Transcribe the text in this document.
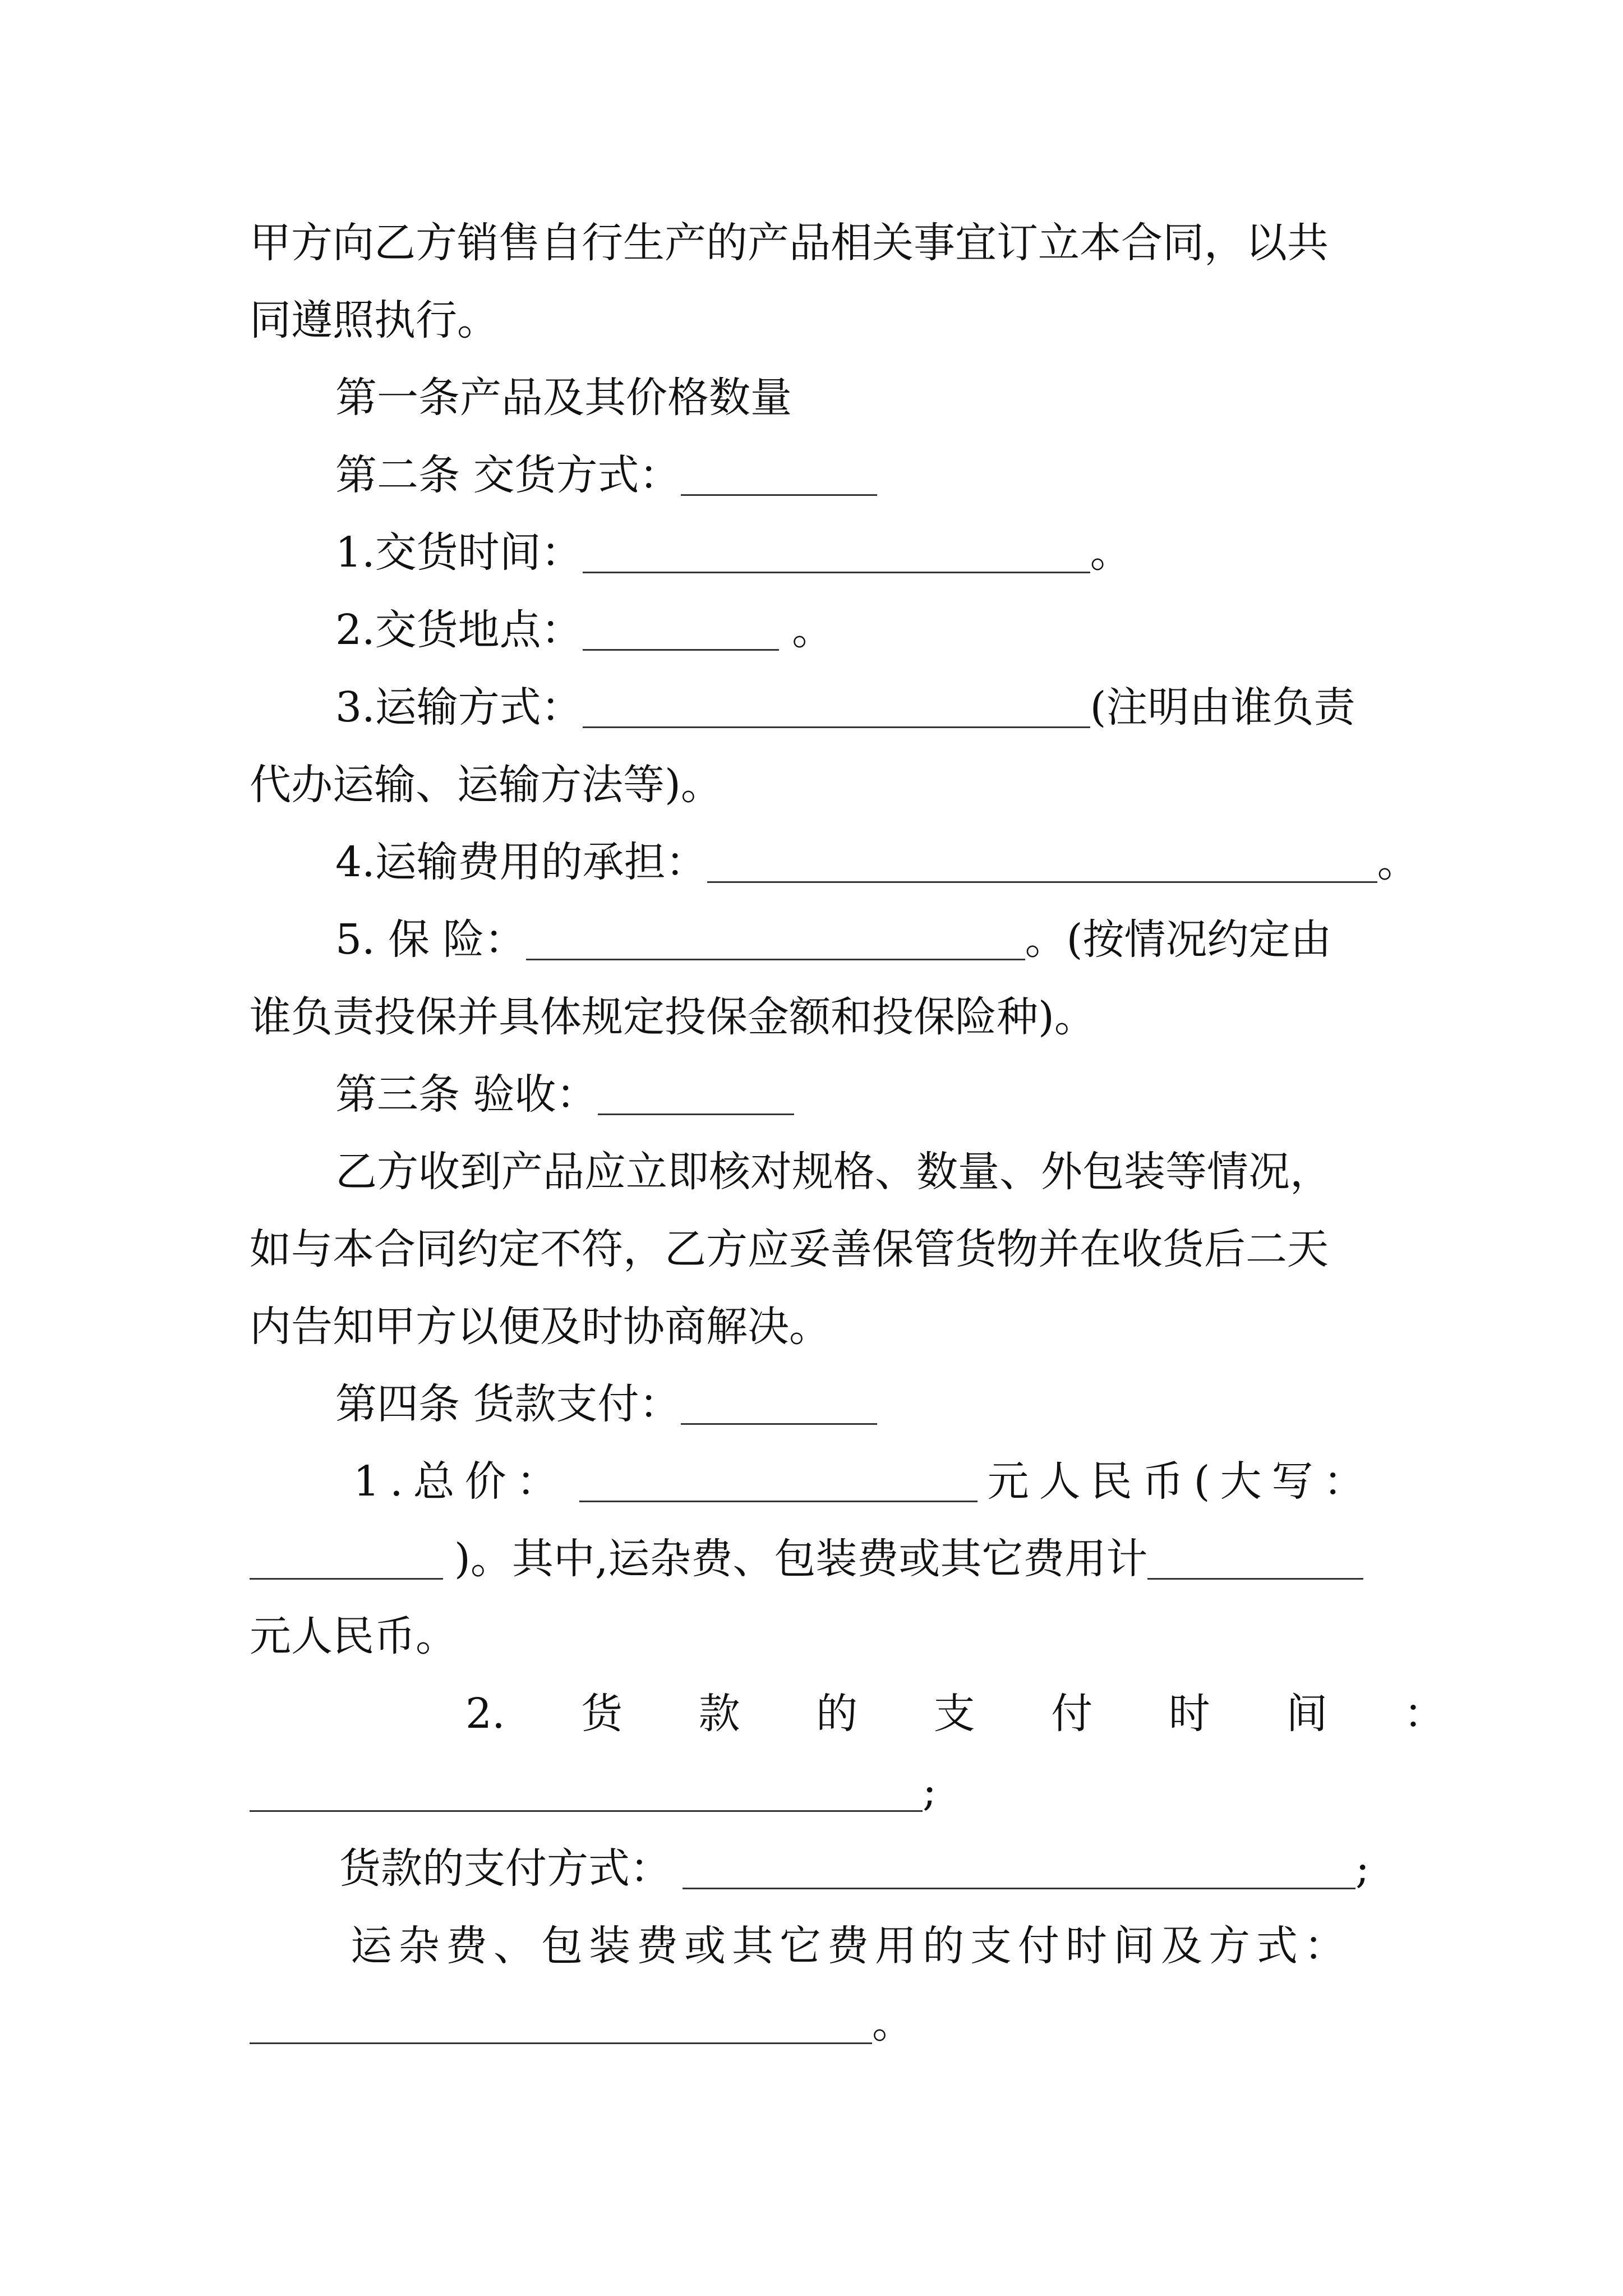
甲方向乙方销售自行生产的产品相关事宜订立本合同，以共
同遵照执行。
第一条产品及其价格数量
第二条 交货方式：
1.交货时间：	。
2.交货地点：	。
3.运输方式：	(注明由谁负责
代办运输、运输方法等)。
4.运输费用的承担：	。
5. 保 险：	。(按情况约定由
谁负责投保并具体规定投保金额和投保险种)。
第三条 验收：
乙方收到产品应立即核对规格、数量、外包装等情况，
如与本合同约定不符，乙方应妥善保管货物并在收货后二天
内告知甲方以便及时协商解决。
第四条 货款支付：
1.总价：	元人民币(大写：
)。其中,运杂费、包装费或其它费用计
元人民币。
2. 货 款 的 支 付 时 间 ：
;
货款的支付方式：	;
运杂费、包装费或其它费用的支付时间及方式：
。
